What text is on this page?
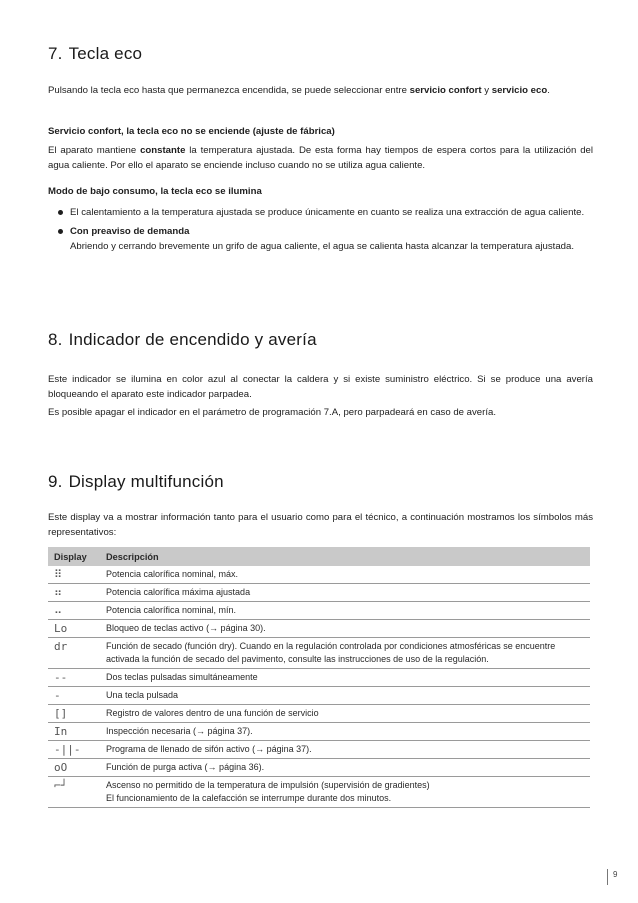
7. Tecla eco

Pulsando la tecla eco hasta que permanezca encendida, se puede seleccionar entre servicio confort y servicio eco.

Servicio confort, la tecla eco no se enciende (ajuste de fábrica)

El aparato mantiene constante la temperatura ajustada. De esta forma hay tiempos de espera cortos para la utilización del agua caliente. Por ello el aparato se enciende incluso cuando no se utiliza agua caliente.

Modo de bajo consumo, la tecla eco se ilumina

El calentamiento a la temperatura ajustada se produce únicamente en cuanto se realiza una extracción de agua caliente.
Con preaviso de demanda
Abriendo y cerrando brevemente un grifo de agua caliente, el agua se calienta hasta alcanzar la temperatura ajustada.
8. Indicador de encendido y avería

Este indicador se ilumina en color azul al conectar la caldera y si existe suministro eléctrico. Si se produce una avería bloqueando el aparato este indicador parpadea.

Es posible apagar el indicador en el parámetro de programación 7.A, pero parpadeará en caso de avería.

9. Display multifunción

Este display va a mostrar información tanto para el usuario como para el técnico, a continuación mostramos los símbolos más representativos:

Display	Descripción
⠿	Potencia calorífica nominal, máx.
⠶	Potencia calorífica máxima ajustada
⠤	Potencia calorífica nominal, mín.
Lo	Bloqueo de teclas activo (→ página 30).
dr	Función de secado (función dry). Cuando en la regulación controlada por condiciones atmosféricas se encuentre activada la función de secado del pavimento, consulte las instrucciones de uso de la regulación.
--	Dos teclas pulsadas simultáneamente
-	Una tecla pulsada
[]	Registro de valores dentro de una función de servicio
In	Inspección necesaria (→ página 37).
-||-	Programa de llenado de sifón activo (→ página 37).
oO	Función de purga activa (→ página 36).
⌐┘	Ascenso no permitido de la temperatura de impulsión (supervisión de gradientes)
El funcionamiento de la calefacción se interrumpe durante dos minutos.
9
